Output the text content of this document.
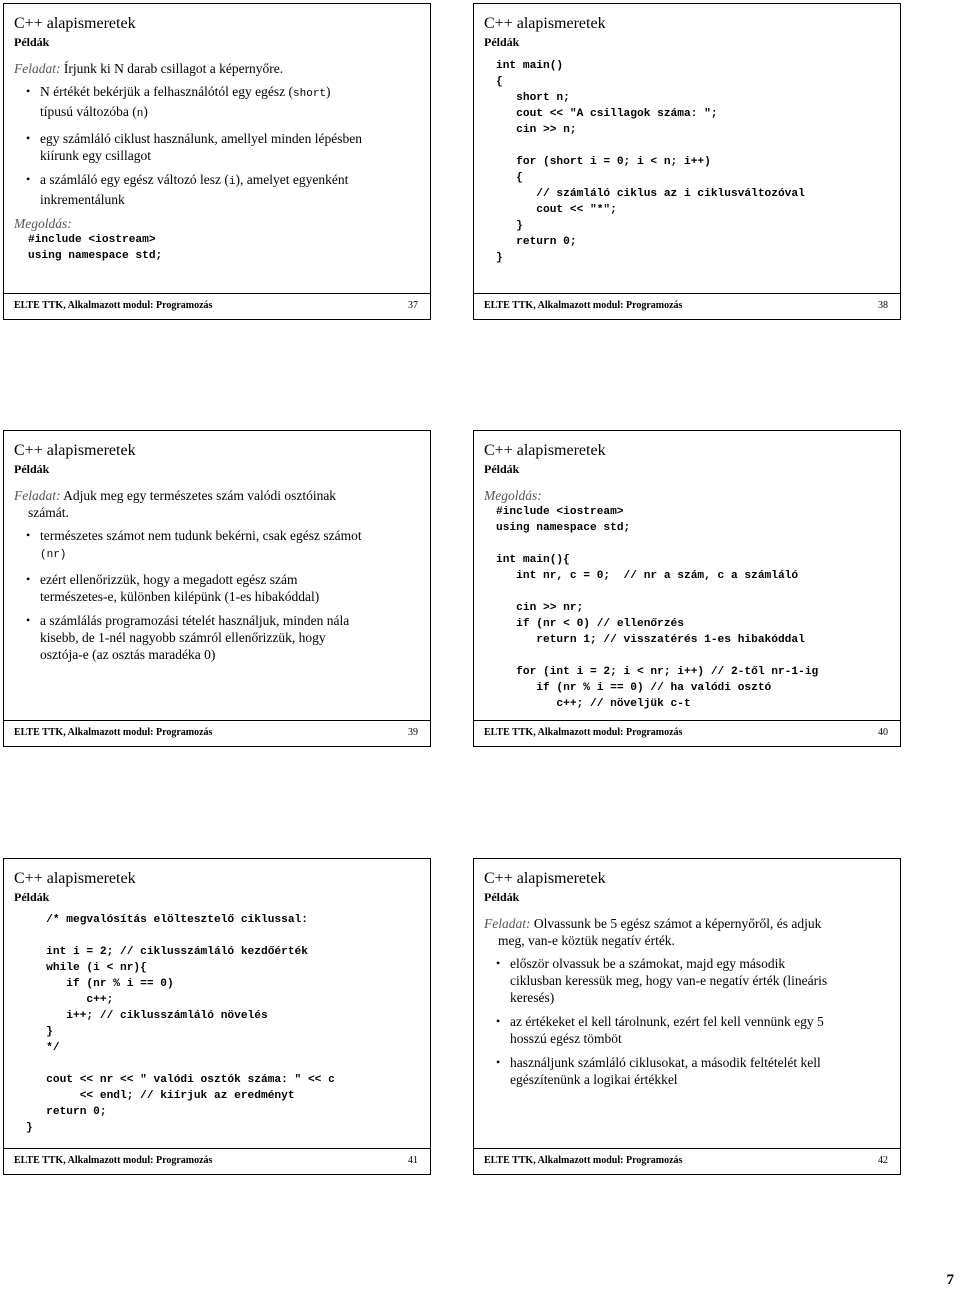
C++ alapismeretek
Példák
Feladat: Írjunk ki N darab csillagot a képernyőre.
• N értékét bekérjük a felhasználótól egy egész (short)
típusú változóba (n)
• egy számláló ciklust használunk, amellyel minden lépésben
kiírunk egy csillagot
• a számláló egy egész változó lesz (i), amelyet egyenként
inkrementálunk
Megoldás:
#include <iostream>
using namespace std;
ELTE TTK, Alkalmazott modul: Programozás	37
C++ alapismeretek
Példák
int main()
{
short n;
cout << "A csillagok száma: ";
cin >> n;

for (short i = 0; i < n; i++)
{
// számláló ciklus az i ciklusváltozóval
cout << "*";
}
return 0;
}
ELTE TTK, Alkalmazott modul: Programozás	38
C++ alapismeretek
Példák
Feladat: Adjuk meg egy természetes szám valódi osztóinak
számát.
• természetes számot nem tudunk bekérni, csak egész számot
(nr)
• ezért ellenőrizzük, hogy a megadott egész szám
természetes-e, különben kilépünk (1-es hibakóddal)
• a számlálás programozási tételét használjuk, minden nála
kisebb, de 1-nél nagyobb számról ellenőrizzük, hogy
osztója-e (az osztás maradéka 0)
ELTE TTK, Alkalmazott modul: Programozás	39
C++ alapismeretek
Példák
Megoldás:
#include <iostream>
using namespace std;

int main(){
int nr, c = 0;  // nr a szám, c a számláló

cin >> nr;
if (nr < 0) // ellenőrzés
return 1; // visszatérés 1-es hibakóddal

for (int i = 2; i < nr; i++) // 2-től nr-1-ig
if (nr % i == 0) // ha valódi osztó
c++; // növeljük c-t
ELTE TTK, Alkalmazott modul: Programozás	40
C++ alapismeretek
Példák
/* megvalósítás elöltesztelő ciklussal:

int i = 2; // ciklusszámláló kezdőérték
while (i < nr){
if (nr % i == 0)
c++;
i++; // ciklusszámláló növelés
}
*/

cout << nr << " valódi osztók száma: " << c
<< endl; // kiírjuk az eredményt
return 0;
}
ELTE TTK, Alkalmazott modul: Programozás	41
C++ alapismeretek
Példák
Feladat: Olvassunk be 5 egész számot a képernyőről, és adjuk
meg, van-e köztük negatív érték.
• először olvassuk be a számokat, majd egy második
ciklusban keressük meg, hogy van-e negatív érték (lineáris
keresés)
• az értékeket el kell tárolnunk, ezért fel kell vennünk egy 5
hosszú egész tömböt
• használjunk számláló ciklusokat, a második feltételét kell
egészítenünk a logikai értékkel
ELTE TTK, Alkalmazott modul: Programozás	42
7
